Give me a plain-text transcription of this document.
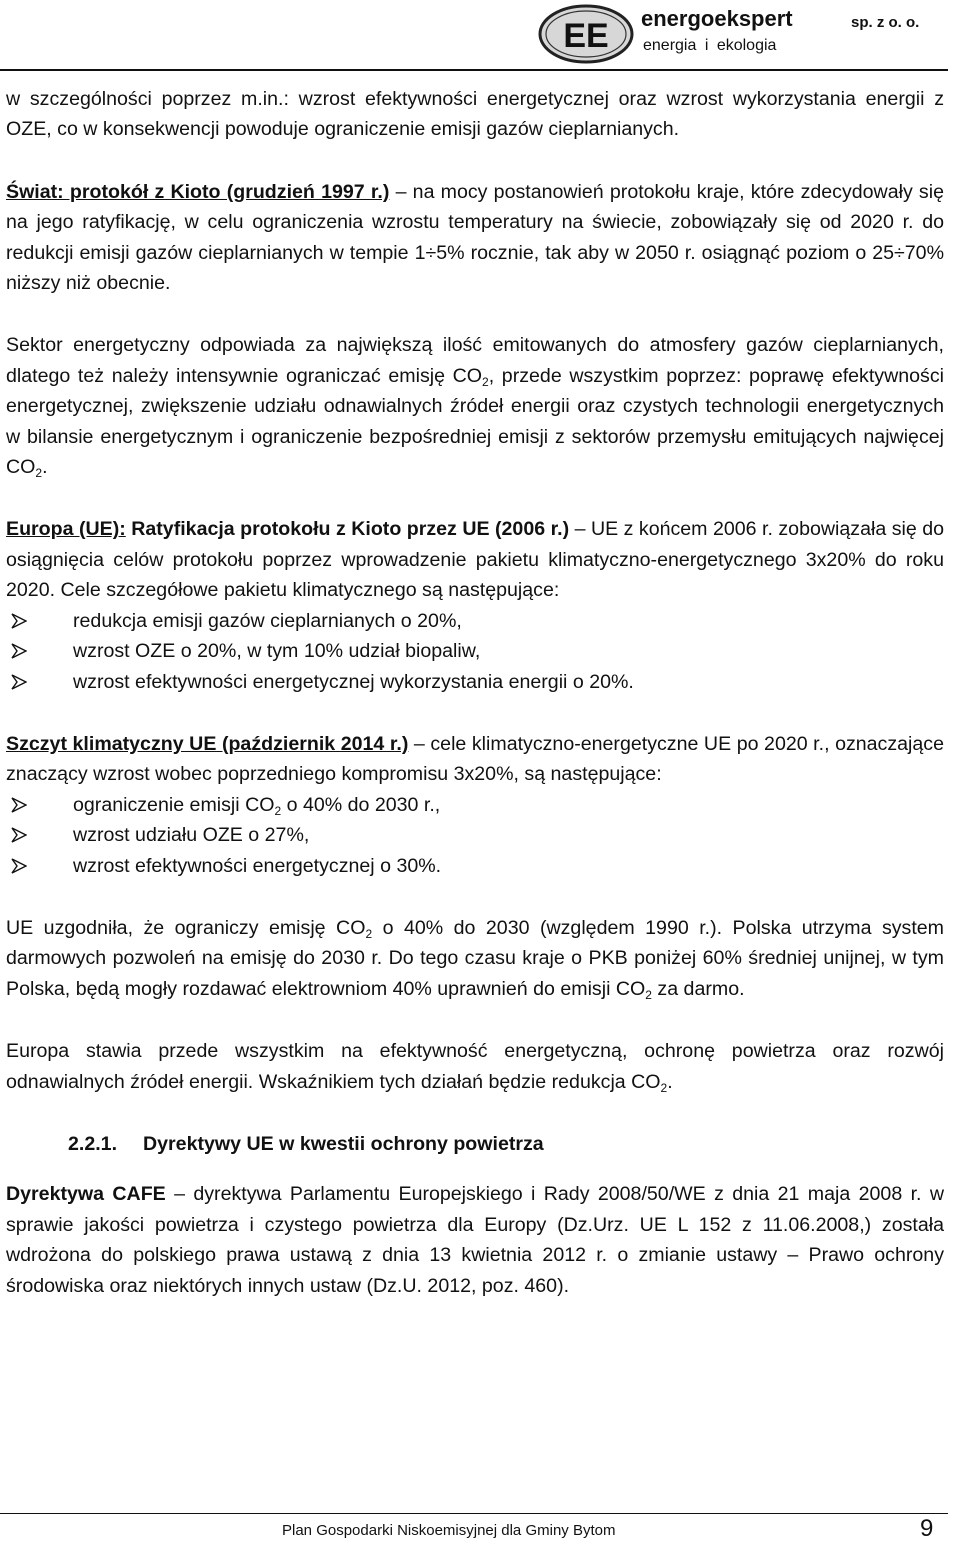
EE energoekspert
energia i ekologia
sp. z o. o.

w szczególności poprzez m.in.: wzrost efektywności energetycznej oraz wzrost wykorzystania energii z OZE, co w konsekwencji powoduje ograniczenie emisji gazów cieplarnianych.

Świat: protokół z Kioto (grudzień 1997 r.) – na mocy postanowień protokołu kraje, które zdecydowały się na jego ratyfikację, w celu ograniczenia wzrostu temperatury na świecie, zobowiązały się od 2020 r. do redukcji emisji gazów cieplarnianych w tempie 1÷5% rocznie, tak aby w 2050 r. osiągnąć poziom o 25÷70% niższy niż obecnie.

Sektor energetyczny odpowiada za największą ilość emitowanych do atmosfery gazów cieplarnianych, dlatego też należy intensywnie ograniczać emisję $CO_2$, przede wszystkim poprzez: poprawę efektywności energetycznej, zwiększenie udziału odnawialnych źródeł energii oraz czystych technologii energetycznych w bilansie energetycznym i ograniczenie bezpośredniej emisji z sektorów przemysłu emitujących najwięcej $CO_2$.

Europa (UE): Ratyfikacja protokołu z Kioto przez UE (2006 r.) – UE z końcem 2006 r. zobowiązała się do osiągnięcia celów protokołu poprzez wprowadzenie pakietu klimatyczno-energetycznego 3x20% do roku 2020. Cele szczegółowe pakietu klimatycznego są następujące:

redukcja emisji gazów cieplarnianych o 20%,
wzrost OZE o 20%, w tym 10% udział biopaliw,
wzrost efektywności energetycznej wykorzystania energii o 20%.

Szczyt klimatyczny UE (październik 2014 r.) – cele klimatyczno-energetyczne UE po 2020 r., oznaczające znaczący wzrost wobec poprzedniego kompromisu 3x20%, są następujące:

ograniczenie emisji $CO_2$ o 40% do 2030 r.,
wzrost udziału OZE o 27%,
wzrost efektywności energetycznej o 30%.

UE uzgodniła, że ograniczy emisję $CO_2$ o 40% do 2030 (względem 1990 r.). Polska utrzyma system darmowych pozwoleń na emisję do 2030 r. Do tego czasu kraje o PKB poniżej 60% średniej unijnej, w tym Polska, będą mogły rozdawać elektrowniom 40% uprawnień do emisji $CO_2$ za darmo.

Europa stawia przede wszystkim na efektywność energetyczną, ochronę powietrza oraz rozwój odnawialnych źródeł energii. Wskaźnikiem tych działań będzie redukcja $CO_2$.

2.2.1. Dyrektywy UE w kwestii ochrony powietrza

Dyrektywa CAFE – dyrektywa Parlamentu Europejskiego i Rady 2008/50/WE z dnia 21 maja 2008 r. w sprawie jakości powietrza i czystego powietrza dla Europy (Dz.Urz. UE L 152 z 11.06.2008,) została wdrożona do polskiego prawa ustawą z dnia 13 kwietnia 2012 r. o zmianie ustawy – Prawo ochrony środowiska oraz niektórych innych ustaw (Dz.U. 2012, poz. 460).

Plan Gospodarki Niskoemisyjnej dla Gminy Bytom	9
